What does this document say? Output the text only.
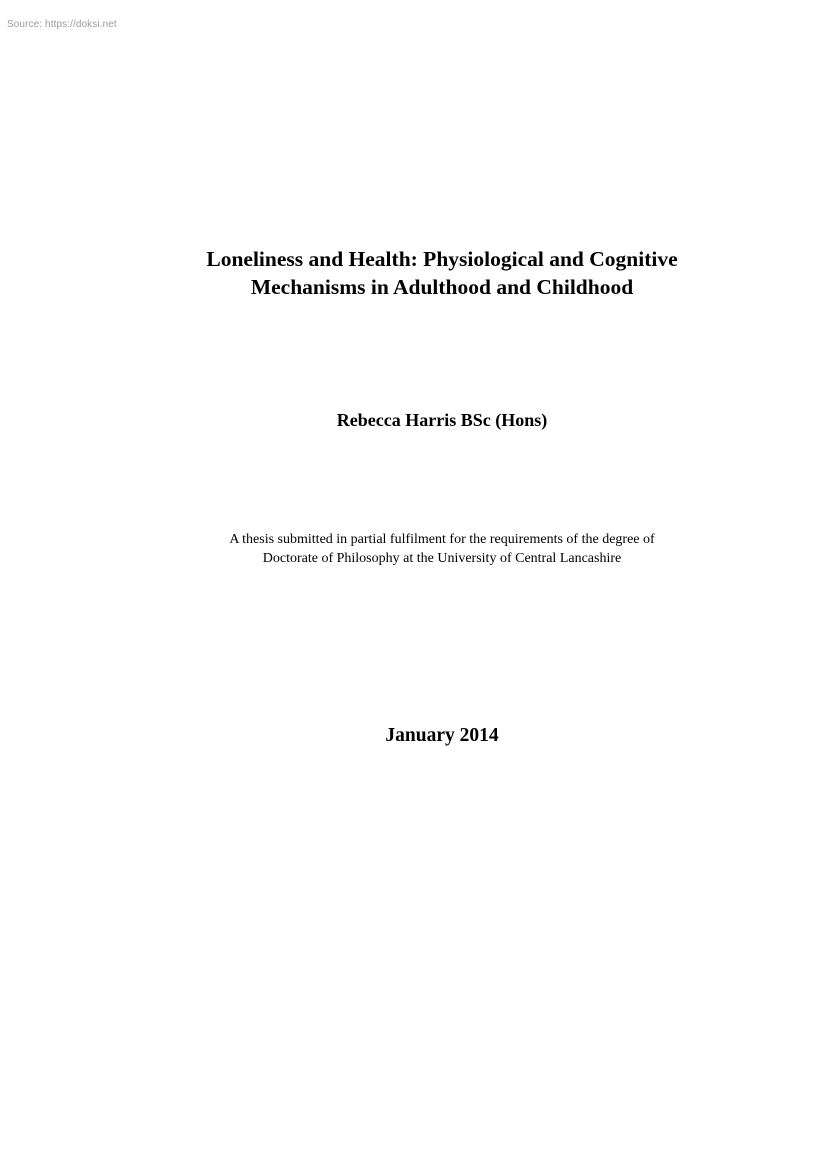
Source: https://doksi.net
Loneliness and Health: Physiological and Cognitive
Mechanisms in Adulthood and Childhood
Rebecca Harris BSc (Hons)
A thesis submitted in partial fulfilment for the requirements of the degree of
Doctorate of Philosophy at the University of Central Lancashire
January 2014
